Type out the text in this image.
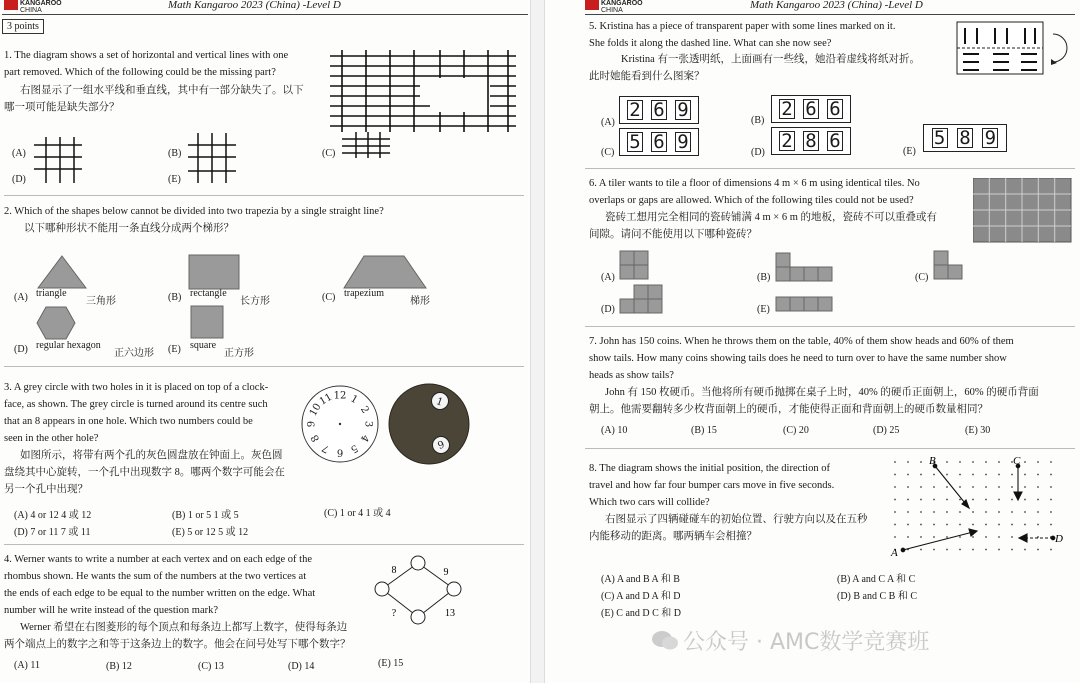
KANGAROO
CHINA	Math Kangaroo 2023 (China) -Level D
3 points
1. The diagram shows a set of horizontal and vertical lines with one
part removed. Which of the following could be the missing part?
右图显示了一组水平线和垂直线，其中有一部分缺失了。以下
哪一项可能是缺失部分？
(A)
(D)
(B)
(E)
(C)
2. Which of the shapes below cannot be divided into two trapezia by a single straight line?
以下哪种形状不能用一条直线分成两个梯形？
(A) triangle
三角形	(B) rectangle
长方形	(C) trapezium
梯形
(D) regular hexagon
正六边形 (E) square
正方形
3. A grey circle with two holes in it is placed on top of a clock-
face, as shown. The grey circle is turned around its centre such
that an 8 appears in one hole. Which two numbers could be
seen in the other hole?
如图所示，将带有两个孔的灰色圆盘放在钟面上。灰色圆
盘绕其中心旋转，一个孔中出现数字 8。哪两个数字可能会在
另一个孔中出现？
12 1
2
3
4
5
6
7
8
9
10
11	1
6
(A) 4 or 12 4 或 12	(B) 1 or 5 1 或 5	(C) 1 or 4 1 或 4
(D) 7 or 11 7 或 11	(E) 5 or 12 5 或 12
4. Werner wants to write a number at each vertex and on each edge of the
rhombus shown. He wants the sum of the numbers at the two vertices at
the ends of each edge to be equal to the number written on the edge. What
number will he write instead of the question mark?
Werner 希望在右图菱形的每个顶点和每条边上都写上数字，使得每条边
两个端点上的数字之和等于这条边上的数字。他会在问号处写下哪个数字？
8	9
?	13
(A) 11	(B) 12	(C) 13	(D) 14	(E) 15
KANGAROO
CHINA	Math Kangaroo 2023 (China) -Level D
5. Kristina has a piece of transparent paper with some lines marked on it.
She folds it along the dashed line. What can she now see?
Kristina 有一张透明纸，上面画有一些线，她沿着虚线将纸对折。
此时她能看到什么图案？
(A)
2 6 9
(C) 5 6 9
(B)
2 6 6
(D)
2 8 6	(E)
5 8 9
6. A tiler wants to tile a floor of dimensions 4 m × 6 m using identical tiles. No
overlaps or gaps are allowed. Which of the following tiles could not be used?
瓷砖工想用完全相同的瓷砖铺满 4 m × 6 m 的地板，瓷砖不可以重叠或有
间隙。请问不能使用以下哪种瓷砖？
(A)	(B)	(C)
(D)	(E)
7. John has 150 coins. When he throws them on the table, 40% of them show heads and 60% of them
show tails. How many coins showing tails does he need to turn over to have the same number show
heads as show tails?
John 有 150 枚硬币。当他将所有硬币抛掷在桌子上时，40% 的硬币正面朝上，60% 的硬币背面
朝上。他需要翻转多少枚背面朝上的硬币，才能使得正面和背面朝上的硬币数量相同？
(A) 10	(B) 15	(C) 20	(D) 25	(E) 30
8. The diagram shows the initial position, the direction of
travel and how far four bumper cars move in five seconds.
Which two cars will collide?
右图显示了四辆碰碰车的初始位置、行驶方向以及在五秒
内能移动的距离。哪两辆车会相撞？
B	C
A
D
(A) A and B A 和 B	(B) A and C A 和 C
(C) A and D A 和 D	(D) B and C B 和 C
(E) C and D C 和 D
公众号 · AMC数学竞赛班
